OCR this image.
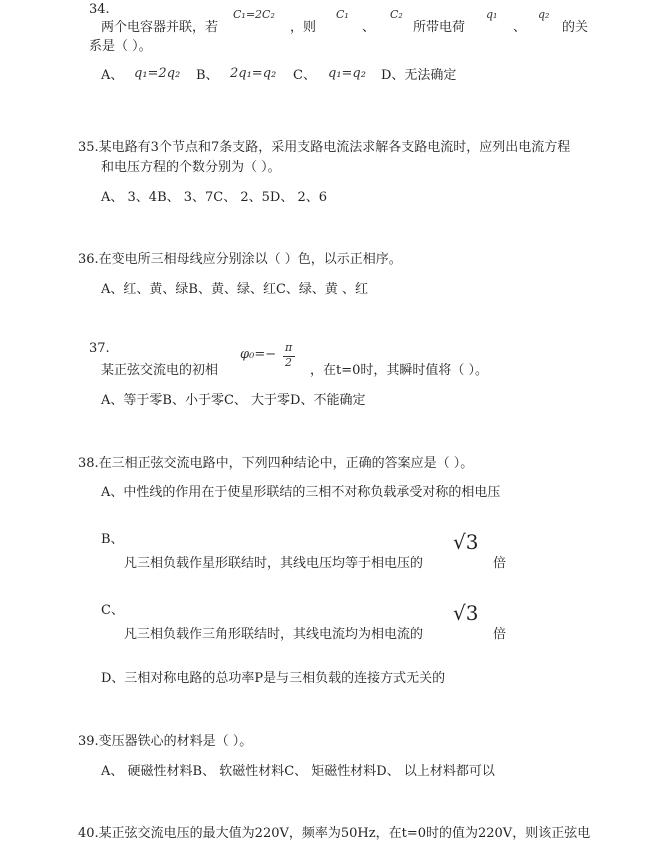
34.
两个电容器并联，若
C₁=2C₂
，则
C₁
、
C₂
所带电荷
q₁
、
q₂
的关
系是（ ）。
A、 q₁=2q₂ B、 2q₁=q₂ C、 q₁=q₂ D、无法确定
35.某电路有3个节点和7条支路，采用支路电流法求解各支路电流时，应列出电流方程
和电压方程的个数分别为（ ）。
A、 3、4B、 3、7C、 2、5D、 2、6
36.在变电所三相母线应分别涂以（ ）色，以示正相序。
A、红、黄、绿B、黄、绿、红C、绿、黄 、红
37.	φ₀=− π
2
某正弦交流电的初相	，在t=0时，其瞬时值将（ ）。
A、等于零B、小于零C、 大于零D、不能确定
38.在三相正弦交流电路中，下列四种结论中，正确的答案应是（ ）。
A、中性线的作用在于使星形联结的三相不对称负载承受对称的相电压
B、
凡三相负载作星形联结时，其线电压均等于相电压的
√3
倍
C、
凡三相负载作三角形联结时，其线电流均为相电流的
√3
倍
D、三相对称电路的总功率P是与三相负载的连接方式无关的
39.变压器铁心的材料是（ ）。
A、 硬磁性材料B、 软磁性材料C、 矩磁性材料D、 以上材料都可以
40.某正弦交流电压的最大值为220V，频率为50Hz，在t=0时的值为220V，则该正弦电
